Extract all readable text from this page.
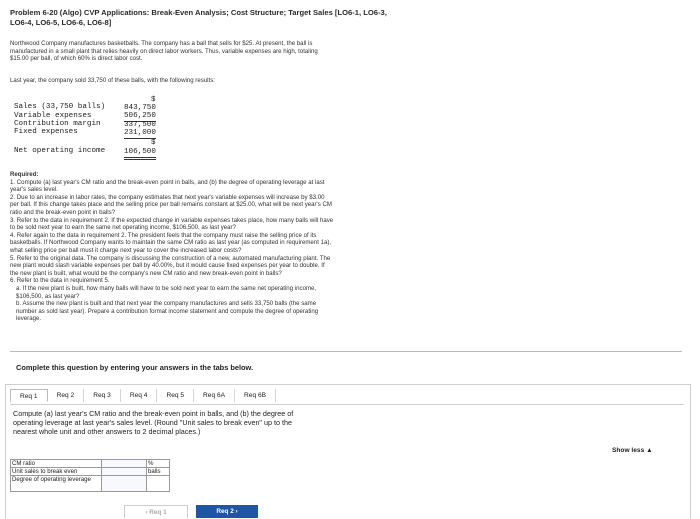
Problem 6-20 (Algo) CVP Applications: Break-Even Analysis; Cost Structure; Target Sales [LO6-1, LO6-3,
LO6-4, LO6-5, LO6-6, LO6-8]
Northwood Company manufactures basketballs. The company has a ball that sells for $25. At present, the ball is
manufactured in a small plant that relies heavily on direct labor workers. Thus, variable expenses are high, totaling
$15.00 per ball, of which 60% is direct labor cost.
Last year, the company sold 33,750 of these balls, with the following results:
$
Sales (33,750 balls) 843,750
Variable expenses	506,250
Contribution margin	337,500
Fixed expenses	231,000
$
Net operating income 106,500
Required:
1. Compute (a) last year's CM ratio and the break-even point in balls, and (b) the degree of operating leverage at last
year's sales level.
2. Due to an increase in labor rates, the company estimates that next year's variable expenses will increase by $3.00
per ball. If this change takes place and the selling price per ball remains constant at $25.00, what will be next year's CM
ratio and the break-even point in balls?
3. Refer to the data in requirement 2. If the expected change in variable expenses takes place, how many balls will have
to be sold next year to earn the same net operating income, $106,500, as last year?
4. Refer again to the data in requirement 2. The president feels that the company must raise the selling price of its
basketballs. If Northwood Company wants to maintain the same CM ratio as last year (as computed in requirement 1a),
what selling price per ball must it charge next year to cover the increased labor costs?
5. Refer to the original data. The company is discussing the construction of a new, automated manufacturing plant. The
new plant would slash variable expenses per ball by 40.00%, but it would cause fixed expenses per year to double. If
the new plant is built, what would be the company's new CM ratio and new break-even point in balls?
6. Refer to the data in requirement 5.
a. If the new plant is built, how many balls will have to be sold next year to earn the same net operating income,
$106,500, as last year?
b. Assume the new plant is built and that next year the company manufactures and sells 33,750 balls (the same
number as sold last year). Prepare a contribution format income statement and compute the degree of operating
leverage.
Complete this question by entering your answers in the tabs below.
Req 1	Req 2	Req 3	Req 4	Req 5	Req 6A	Req 6B
Compute (a) last year's CM ratio and the break-even point in balls, and (b) the degree of
operating leverage at last year's sales level. (Round "Unit sales to break even" up to the
nearest whole unit and other answers to 2 decimal places.)
Show less ▲
CM ratio		%
Unit sales to break even		balls
Degree of operating leverage		
‹ Req 1	Req 2 ›
